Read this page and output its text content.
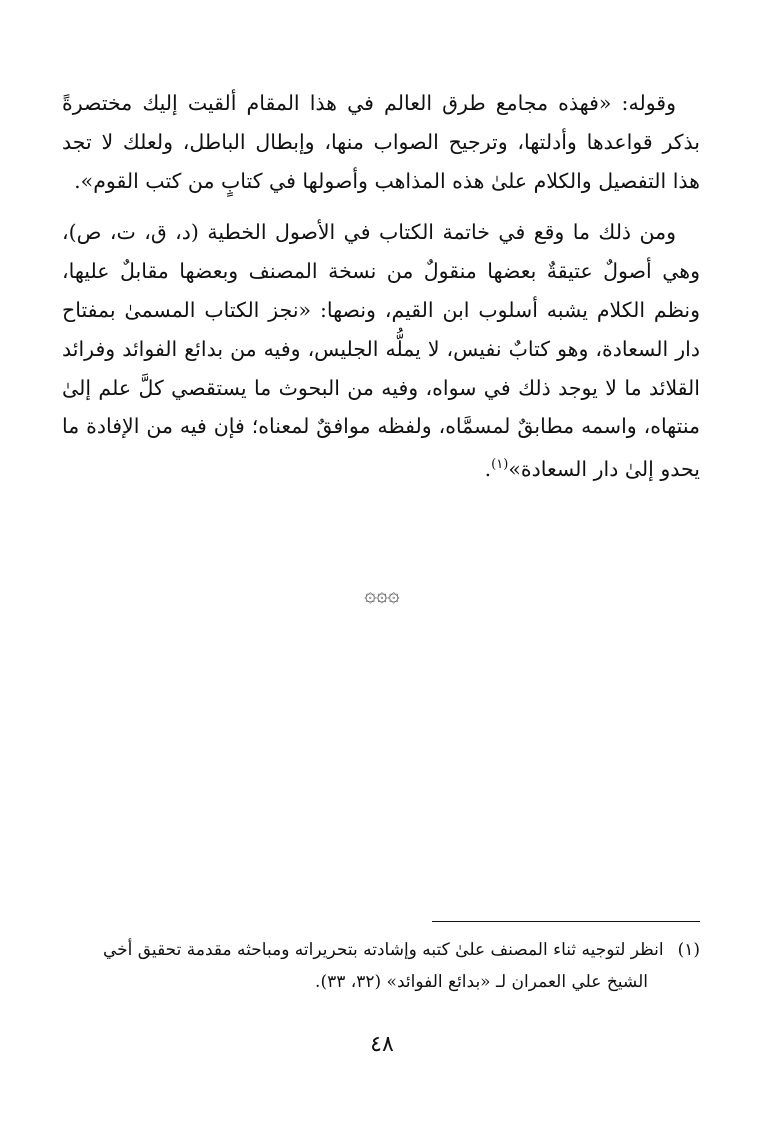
وقوله: «فهذه مجامع طرق العالم في هذا المقام ألقيت إليك مختصرةً بذكر قواعدها وأدلتها، وترجيح الصواب منها، وإبطال الباطل، ولعلك لا تجد هذا التفصيل والكلام علىٰ هذه المذاهب وأصولها في كتابٍ من كتب القوم».

ومن ذلك ما وقع في خاتمة الكتاب في الأصول الخطية (د، ق، ت، ص)، وهي أصولٌ عتيقةٌ بعضها منقولٌ من نسخة المصنف وبعضها مقابلٌ عليها، ونظم الكلام يشبه أسلوب ابن القيم، ونصها: «نجز الكتاب المسمىٰ بمفتاح دار السعادة، وهو كتابٌ نفيس، لا يملُّه الجليس، وفيه من بدائع الفوائد وفرائد القلائد ما لا يوجد ذلك في سواه، وفيه من البحوث ما يستقصي كلَّ علم إلىٰ منتهاه، واسمه مطابقٌ لمسمَّاه، ولفظه موافقٌ لمعناه؛ فإن فيه من الإفادة ما يحدو إلىٰ دار السعادة»$^{(١)}$.

۞۞۞

(١)انظر لتوجيه ثناء المصنف علىٰ كتبه وإشادته بتحريراته ومباحثه مقدمة تحقيق أخي

الشيخ علي العمران لـ «بدائع الفوائد» (٣٢، ٣٣).

٤٨
